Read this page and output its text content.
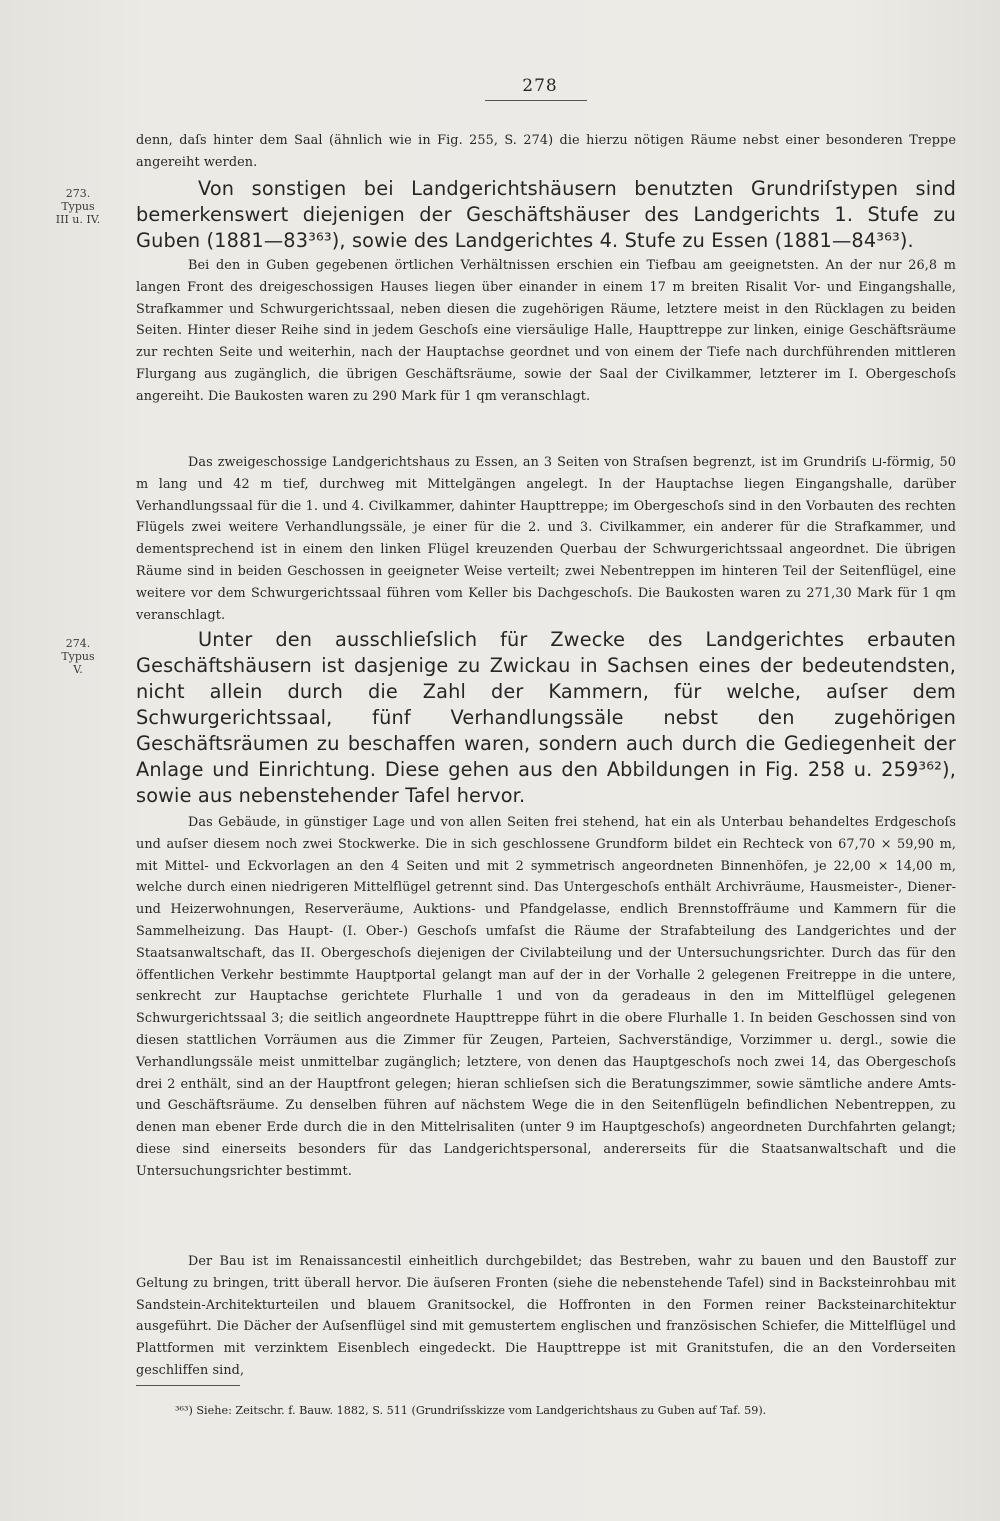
278
273.
Typus
III u. IV.
274.
Typus
V.

denn, daſs hinter dem Saal (ähnlich wie in Fig. 255, S. 274) die hierzu nötigen Räume nebst einer besonderen Treppe angereiht werden.

Von sonstigen bei Landgerichtshäusern benutzten Grundriſstypen sind bemerkenswert diejenigen der Geschäftshäuser des Landgerichts 1. Stufe zu Guben (1881—83³⁶³), sowie des Landgerichtes 4. Stufe zu Essen (1881—84³⁶³).

Bei den in Guben gegebenen örtlichen Verhältnissen erschien ein Tiefbau am geeignetsten. An der nur 26,8 m langen Front des dreigeschossigen Hauses liegen über einander in einem 17 m breiten Risalit Vor- und Eingangshalle, Strafkammer und Schwurgerichtssaal, neben diesen die zugehörigen Räume, letztere meist in den Rücklagen zu beiden Seiten. Hinter dieser Reihe sind in jedem Geschoſs eine viersäulige Halle, Haupttreppe zur linken, einige Geschäftsräume zur rechten Seite und weiterhin, nach der Hauptachse geordnet und von einem der Tiefe nach durchführenden mittleren Flurgang aus zugänglich, die übrigen Geschäftsräume, sowie der Saal der Civilkammer, letzterer im I. Obergeschoſs angereiht. Die Baukosten waren zu 290 Mark für 1 qm veranschlagt.

Das zweigeschossige Landgerichtshaus zu Essen, an 3 Seiten von Straſsen begrenzt, ist im Grundriſs ⊔-förmig, 50 m lang und 42 m tief, durchweg mit Mittelgängen angelegt. In der Hauptachse liegen Eingangshalle, darüber Verhandlungssaal für die 1. und 4. Civilkammer, dahinter Haupttreppe; im Obergeschoſs sind in den Vorbauten des rechten Flügels zwei weitere Verhandlungssäle, je einer für die 2. und 3. Civilkammer, ein anderer für die Strafkammer, und dementsprechend ist in einem den linken Flügel kreuzenden Querbau der Schwurgerichtssaal angeordnet. Die übrigen Räume sind in beiden Geschossen in geeigneter Weise verteilt; zwei Nebentreppen im hinteren Teil der Seitenflügel, eine weitere vor dem Schwurgerichtssaal führen vom Keller bis Dachgeschoſs. Die Baukosten waren zu 271,30 Mark für 1 qm veranschlagt.

Unter den ausschlieſslich für Zwecke des Landgerichtes erbauten Geschäftshäusern ist dasjenige zu Zwickau in Sachsen eines der bedeutendsten, nicht allein durch die Zahl der Kammern, für welche, auſser dem Schwurgerichtssaal, fünf Verhandlungssäle nebst den zugehörigen Geschäftsräumen zu beschaffen waren, sondern auch durch die Gediegenheit der Anlage und Einrichtung. Diese gehen aus den Abbildungen in Fig. 258 u. 259³⁶²), sowie aus nebenstehender Tafel hervor.

Das Gebäude, in günstiger Lage und von allen Seiten frei stehend, hat ein als Unterbau behandeltes Erdgeschoſs und auſser diesem noch zwei Stockwerke. Die in sich geschlossene Grundform bildet ein Rechteck von 67,70 × 59,90 m, mit Mittel- und Eckvorlagen an den 4 Seiten und mit 2 symmetrisch angeordneten Binnenhöfen, je 22,00 × 14,00 m, welche durch einen niedrigeren Mittelflügel getrennt sind. Das Untergeschoſs enthält Archivräume, Hausmeister-, Diener- und Heizerwohnungen, Reserveräume, Auktions- und Pfandgelasse, endlich Brennstoffräume und Kammern für die Sammelheizung. Das Haupt- (I. Ober-) Geschoſs umfaſst die Räume der Strafabteilung des Landgerichtes und der Staatsanwaltschaft, das II. Obergeschoſs diejenigen der Civilabteilung und der Untersuchungsrichter. Durch das für den öffentlichen Verkehr bestimmte Hauptportal gelangt man auf der in der Vorhalle 2 gelegenen Freitreppe in die untere, senkrecht zur Hauptachse gerichtete Flurhalle 1 und von da geradeaus in den im Mittelflügel gelegenen Schwurgerichtssaal 3; die seitlich angeordnete Haupttreppe führt in die obere Flurhalle 1. In beiden Geschossen sind von diesen stattlichen Vorräumen aus die Zimmer für Zeugen, Parteien, Sachverständige, Vorzimmer u. dergl., sowie die Verhandlungssäle meist unmittelbar zugänglich; letztere, von denen das Hauptgeschoſs noch zwei 14, das Obergeschoſs drei 2 enthält, sind an der Hauptfront gelegen; hieran schlieſsen sich die Beratungszimmer, sowie sämtliche andere Amts- und Geschäftsräume. Zu denselben führen auf nächstem Wege die in den Seitenflügeln befindlichen Nebentreppen, zu denen man ebener Erde durch die in den Mittelrisaliten (unter 9 im Hauptgeschoſs) angeordneten Durchfahrten gelangt; diese sind einerseits besonders für das Landgerichtspersonal, andererseits für die Staatsanwaltschaft und die Untersuchungsrichter bestimmt.

Der Bau ist im Renaissancestil einheitlich durchgebildet; das Bestreben, wahr zu bauen und den Baustoff zur Geltung zu bringen, tritt überall hervor. Die äuſseren Fronten (siehe die nebenstehende Tafel) sind in Backsteinrohbau mit Sandstein-Architekturteilen und blauem Granitsockel, die Hoffronten in den Formen reiner Backsteinarchitektur ausgeführt. Die Dächer der Auſsenflügel sind mit gemustertem englischen und französischen Schiefer, die Mittelflügel und Plattformen mit verzinktem Eisenblech eingedeckt. Die Haupttreppe ist mit Granitstufen, die an den Vorderseiten geschliffen sind,

³⁶³) Siehe: Zeitschr. f. Bauw. 1882, S. 511 (Grundriſsskizze vom Landgerichtshaus zu Guben auf Taf. 59).
